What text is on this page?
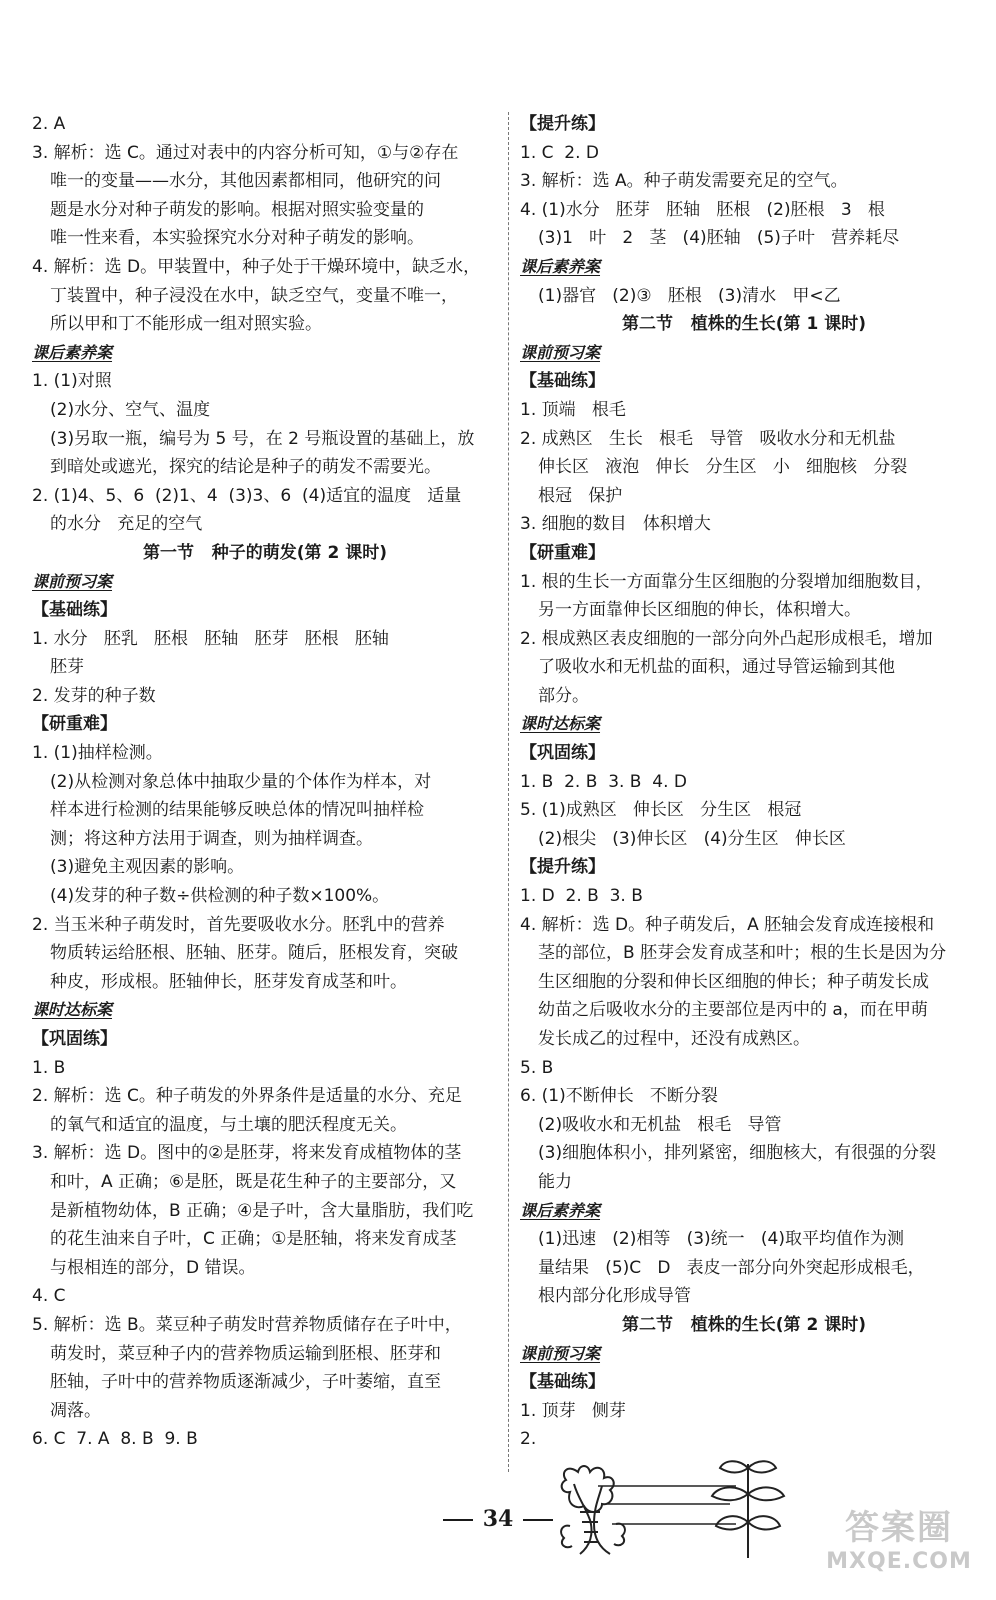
2. A
3. 解析：选 C。通过对表中的内容分析可知，①与②存在
唯一的变量——水分，其他因素都相同，他研究的问
题是水分对种子萌发的影响。根据对照实验变量的
唯一性来看，本实验探究水分对种子萌发的影响。
4. 解析：选 D。甲装置中，种子处于干燥环境中，缺乏水，
丁装置中，种子浸没在水中，缺乏空气，变量不唯一，
所以甲和丁不能形成一组对照实验。
课后素养案
1. (1)对照
(2)水分、空气、温度
(3)另取一瓶，编号为 5 号，在 2 号瓶设置的基础上，放
到暗处或遮光，探究的结论是种子的萌发不需要光。
2. (1)4、5、6  (2)1、4  (3)3、6  (4)适宜的温度   适量
的水分   充足的空气
第一节   种子的萌发(第 2 课时)
课前预习案
【基础练】
1. 水分   胚乳   胚根   胚轴   胚芽   胚根   胚轴
胚芽
2. 发芽的种子数
【研重难】
1. (1)抽样检测。
(2)从检测对象总体中抽取少量的个体作为样本，对
样本进行检测的结果能够反映总体的情况叫抽样检
测；将这种方法用于调查，则为抽样调查。
(3)避免主观因素的影响。
(4)发芽的种子数÷供检测的种子数×100%。
2. 当玉米种子萌发时，首先要吸收水分。胚乳中的营养
物质转运给胚根、胚轴、胚芽。随后，胚根发育，突破
种皮，形成根。胚轴伸长，胚芽发育成茎和叶。
课时达标案
【巩固练】
1. B
2. 解析：选 C。种子萌发的外界条件是适量的水分、充足
的氧气和适宜的温度，与土壤的肥沃程度无关。
3. 解析：选 D。图中的②是胚芽，将来发育成植物体的茎
和叶，A 正确；⑥是胚，既是花生种子的主要部分，又
是新植物幼体，B 正确；④是子叶，含大量脂肪，我们吃
的花生油来自子叶，C 正确；①是胚轴，将来发育成茎
与根相连的部分，D 错误。
4. C
5. 解析：选 B。菜豆种子萌发时营养物质储存在子叶中，
萌发时，菜豆种子内的营养物质运输到胚根、胚芽和
胚轴，子叶中的营养物质逐渐减少，子叶萎缩，直至
凋落。
6. C  7. A  8. B  9. B
【提升练】
1. C  2. D
3. 解析：选 A。种子萌发需要充足的空气。
4. (1)水分   胚芽   胚轴   胚根   (2)胚根   3   根
(3)1   叶   2   茎   (4)胚轴   (5)子叶   营养耗尽
课后素养案
(1)器官   (2)③   胚根   (3)清水   甲<乙
第二节   植株的生长(第 1 课时)
课前预习案
【基础练】
1. 顶端   根毛
2. 成熟区   生长   根毛   导管   吸收水分和无机盐
伸长区   液泡   伸长   分生区   小   细胞核   分裂
根冠   保护
3. 细胞的数目   体积增大
【研重难】
1. 根的生长一方面靠分生区细胞的分裂增加细胞数目，
另一方面靠伸长区细胞的伸长，体积增大。
2. 根成熟区表皮细胞的一部分向外凸起形成根毛，增加
了吸收水和无机盐的面积，通过导管运输到其他
部分。
课时达标案
【巩固练】
1. B  2. B  3. B  4. D
5. (1)成熟区   伸长区   分生区   根冠
(2)根尖   (3)伸长区   (4)分生区   伸长区
【提升练】
1. D  2. B  3. B
4. 解析：选 D。种子萌发后，A 胚轴会发育成连接根和
茎的部位，B 胚芽会发育成茎和叶；根的生长是因为分
生区细胞的分裂和伸长区细胞的伸长；种子萌发长成
幼苗之后吸收水分的主要部位是丙中的 a，而在甲萌
发长成乙的过程中，还没有成熟区。
5. B
6. (1)不断伸长   不断分裂
(2)吸收水和无机盐   根毛   导管
(3)细胞体积小，排列紧密，细胞核大，有很强的分裂
能力
课后素养案
(1)迅速   (2)相等   (3)统一   (4)取平均值作为测
量结果   (5)C   D   表皮一部分向外突起形成根毛，
根内部分化形成导管
第二节   植株的生长(第 2 课时)
课前预习案
【基础练】
1. 顶芽   侧芽
2.
34	答案圈
MXQE.COM
